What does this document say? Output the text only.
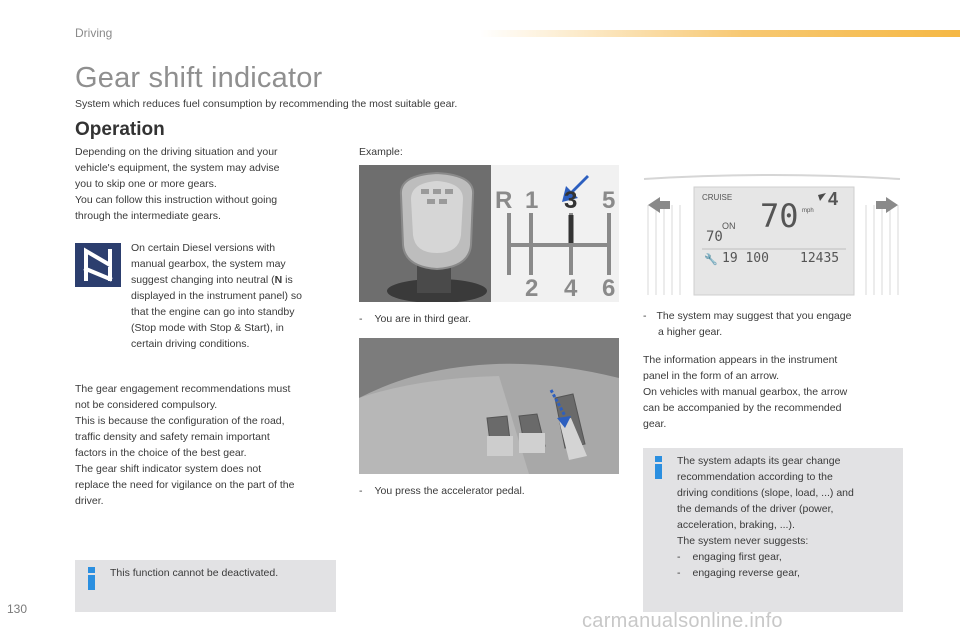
Driving
Gear shift indicator
System which reduces fuel consumption by recommending the most suitable gear.
Operation
Depending on the driving situation and your
vehicle's equipment, the system may advise
you to skip one or more gears.
You can follow this instruction without going
through the intermediate gears.
On certain Diesel versions with
manual gearbox, the system may
suggest changing into neutral (N is
displayed in the instrument panel) so
that the engine can go into standby
(Stop mode with Stop & Start), in
certain driving conditions.
The gear engagement recommendations must
not be considered compulsory.
This is because the configuration of the road,
traffic density and safety remain important
factors in the choice of the best gear.
The gear shift indicator system does not
replace the need for vigilance on the part of the
driver.
This function cannot be deactivated.
Example:
R 1 3 5
2 4 6
- You are in third gear.
- You press the accelerator pedal.
CRUISE 70 mph
ON
70
4
19 100 12435
🔧
- The system may suggest that you engage
a higher gear.
The information appears in the instrument
panel in the form of an arrow.
On vehicles with manual gearbox, the arrow
can be accompanied by the recommended
gear.
The system adapts its gear change
recommendation according to the
driving conditions (slope, load, ...) and
the demands of the driver (power,
acceleration, braking, ...).
The system never suggests:
- engaging first gear,
- engaging reverse gear,
130
carmanualsonline.info
